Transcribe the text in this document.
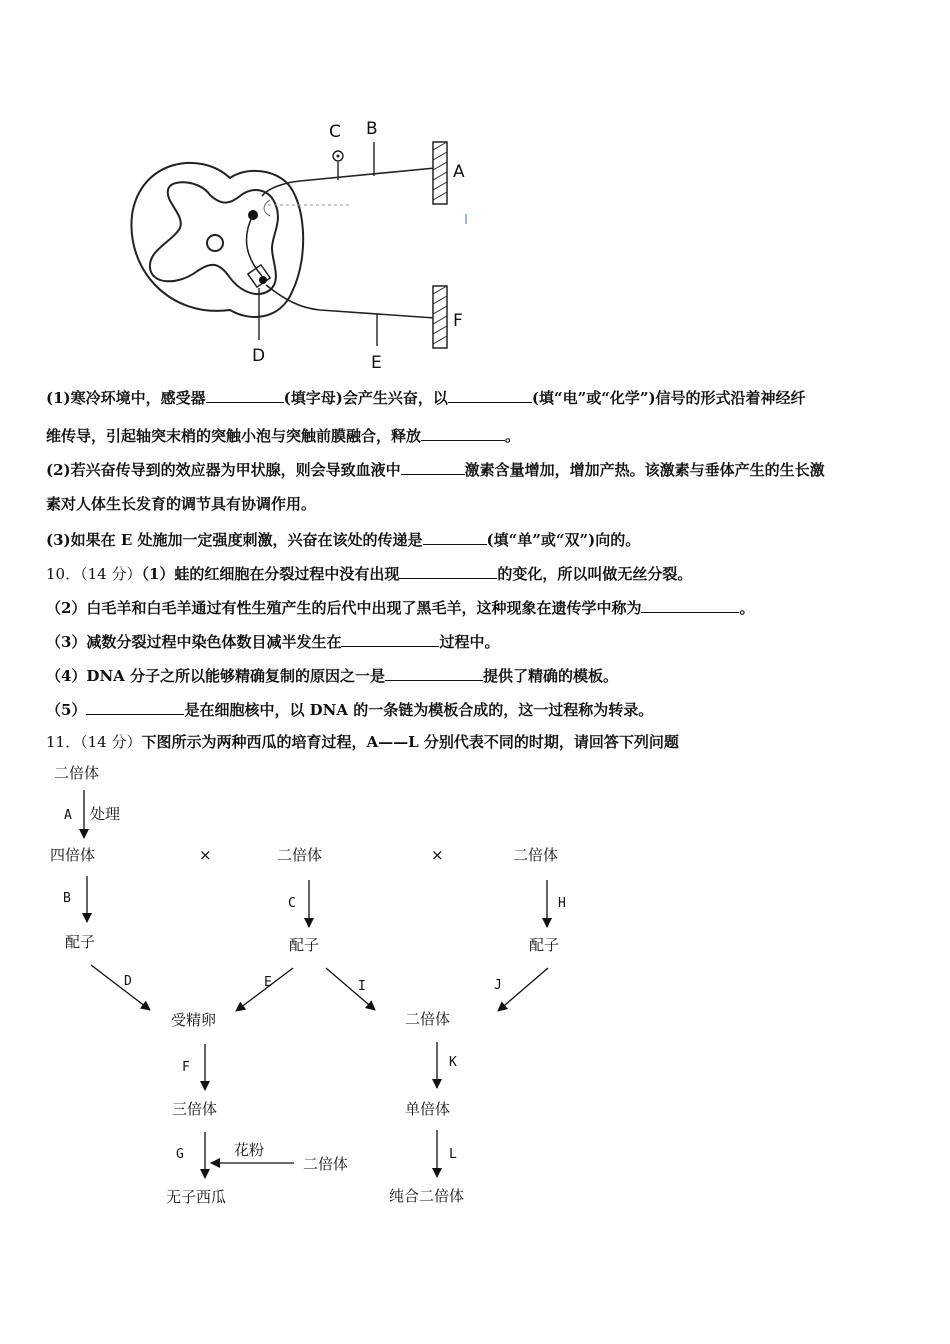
C B
A
F
D	E
(1)寒冷环境中，感受器	(填字母)会产生兴奋，以	(填“电”或“化学”)信号的形式沿着神经纤
维传导，引起轴突末梢的突触小泡与突触前膜融合，释放	。
(2)若兴奋传导到的效应器为甲状腺，则会导致血液中	激素含量增加，增加产热。该激素与垂体产生的生长激
素对人体生长发育的调节具有协调作用。
(3)如果在 E 处施加一定强度刺激，兴奋在该处的传递是	(填“单”或“双”)向的。
10．（14 分）（1）蛙的红细胞在分裂过程中没有出现	的变化，所以叫做无丝分裂。
（2）白毛羊和白毛羊通过有性生殖产生的后代中出现了黑毛羊，这种现象在遗传学中称为	。
（3）减数分裂过程中染色体数目减半发生在	过程中。
（4）DNA 分子之所以能够精确复制的原因之一是	提供了精确的模板。
（5）	是在细胞核中，以 DNA 的一条链为模板合成的，这一过程称为转录。
11．（14 分）下图所示为两种西瓜的培育过程，A——L 分别代表不同的时期，请回答下列问题
二倍体
A 处理
四倍体	×	二倍体	×	二倍体
B	C	H
配子	配子	配子
D	E	I	J
受精卵	二倍体
F	K
三倍体	单倍体
G	花粉
二倍体
L
无子西瓜	纯合二倍体
